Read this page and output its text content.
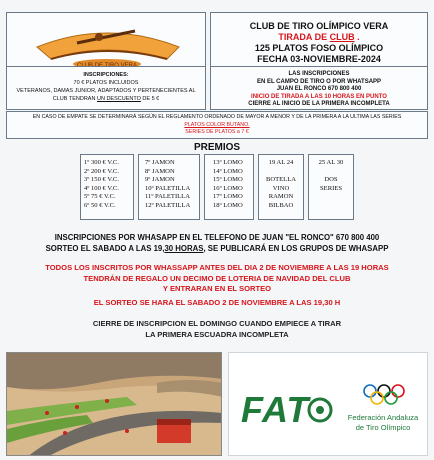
CLUB DE TIRO OLÍMPICO VERA
TIRADA DE CLUB .
125 PLATOS FOSO OLÍMPICO
FECHA 03-NOVIEMBRE-2024
INSCRIPCIONES:
70 € PLATOS INCLUIDOS
VETERANOS, DAMAS JUNIOR, ADAPTADOS Y PERTENECIENTES AL
CLUB TENDRAN UN DESCUENTO DE 5 €
LAS INSCRIPCIONES
EN EL CAMPO DE TIRO O POR WHATSAPP
JUAN EL RONCO 670 800 400
INICIO DE TIRADA A LAS 10 HORAS EN PUNTO
CIERRE AL INICIO DE LA PRIMERA INCOMPLETA
EN CASO DE EMPATE SE DETERMINARÁ SEGÚN EL REGLAMENTO ORDENADO DE MAYOR A MENOR Y DE LA PRIMERA A LA ULTIMA LAS SERIES
PLATOS COLOR BUTANO.
SERIES DE PLATOS a 7 €
PREMIOS
1º 300 € V.C.
2º 200 € V.C.
3º 150 € V.C.
4º 100 € V.C.
5º 75 € V.C.
6º 50 € V.C.
7º JAMON
8º JAMON
9º JAMON
10º PALETILLA
11º PALETILLA
12º PALETILLA
13º LOMO
14º LOMO
15º LOMO
16º LOMO
17º LOMO
18º LOMO
19 AL 24

BOTELLA
VINO
RAMON
BILBAO
25 AL 30

DOS
SERIES
INSCRIPCIONES POR WHASAPP EN EL TELEFONO DE JUAN "EL RONCO" 670 800 400
SORTEO EL SABADO A LAS 19,30 HORAS, SE PUBLICARÁ EN LOS GRUPOS DE WHASAPP
TODOS LOS INSCRITOS POR WHASSAPP ANTES DEL DIA 2 DE NOVIEMBRE A LAS 19 HORAS
TENDRÁN DE REGALO UN DECIMO DE LOTERIA DE NAVIDAD DEL CLUB
Y ENTRARAN EN EL SORTEO
EL SORTEO SE HARA EL SABADO 2 DE NOVIEMBRE A LAS 19,30 H
CIERRE DE INSCRIPCION EL DOMINGO CUANDO EMPIECE A TIRAR
LA PRIMERA ESCUADRA INCOMPLETA
FAT	Federación Andaluza
de Tiro Olímpico
